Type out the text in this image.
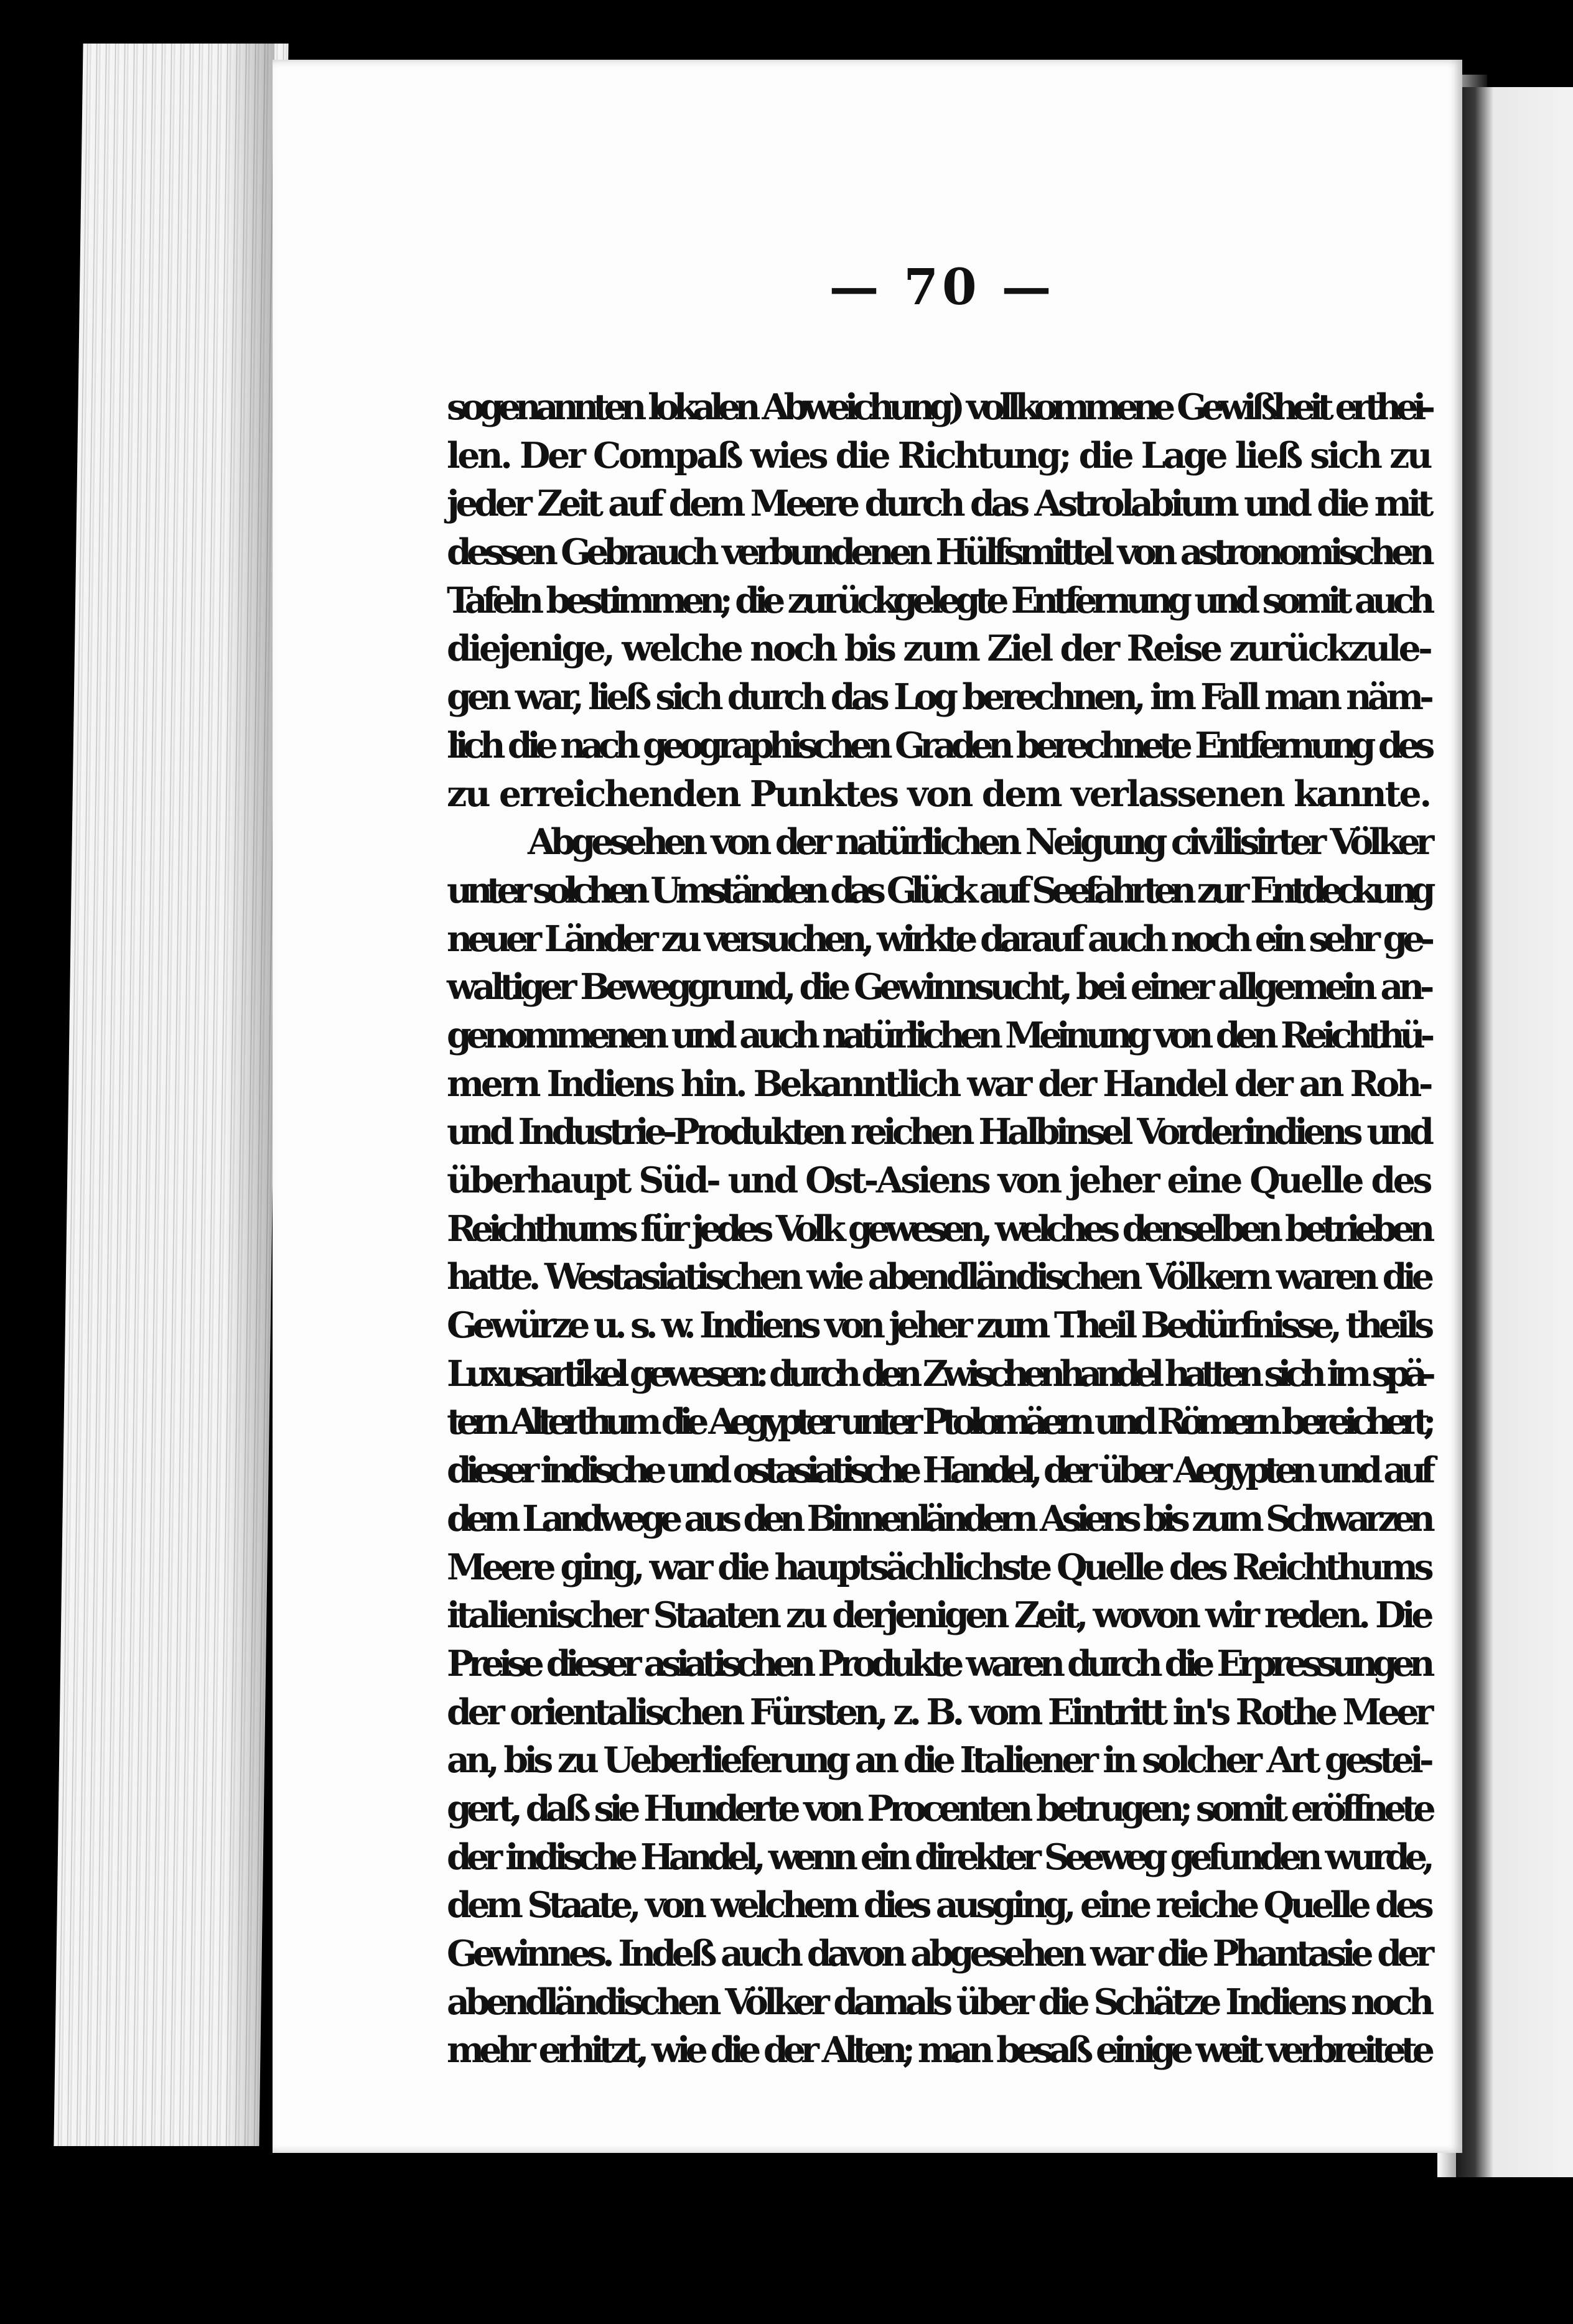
— 70 —
sogenannten lokalen Abweichung) vollkommene Gewißheit erthei-
len. Der Compaß wies die Richtung; die Lage ließ sich zu
jeder Zeit auf dem Meere durch das Astrolabium und die mit
dessen Gebrauch verbundenen Hülfsmittel von astronomischen
Tafeln bestimmen; die zurückgelegte Entfernung und somit auch
diejenige, welche noch bis zum Ziel der Reise zurückzule-
gen war, ließ sich durch das Log berechnen, im Fall man näm-
lich die nach geographischen Graden berechnete Entfernung des
zu erreichenden Punktes von dem verlassenen kannte.
Abgesehen von der natürlichen Neigung civilisirter Völker
unter solchen Umständen das Glück auf Seefahrten zur Entdeckung
neuer Länder zu versuchen, wirkte darauf auch noch ein sehr ge-
waltiger Beweggrund, die Gewinnsucht, bei einer allgemein an-
genommenen und auch natürlichen Meinung von den Reichthü-
mern Indiens hin. Bekanntlich war der Handel der an Roh-
und Industrie-Produkten reichen Halbinsel Vorderindiens und
überhaupt Süd- und Ost-Asiens von jeher eine Quelle des
Reichthums für jedes Volk gewesen, welches denselben betrieben
hatte. Westasiatischen wie abendländischen Völkern waren die
Gewürze u. s. w. Indiens von jeher zum Theil Bedürfnisse, theils
Luxusartikel gewesen: durch den Zwischenhandel hatten sich im spä-
tern Alterthum die Aegypter unter Ptolomäern und Römern bereichert;
dieser indische und ostasiatische Handel, der über Aegypten und auf
dem Landwege aus den Binnenländern Asiens bis zum Schwarzen
Meere ging, war die hauptsächlichste Quelle des Reichthums
italienischer Staaten zu derjenigen Zeit, wovon wir reden. Die
Preise dieser asiatischen Produkte waren durch die Erpressungen
der orientalischen Fürsten, z. B. vom Eintritt in's Rothe Meer
an, bis zu Ueberlieferung an die Italiener in solcher Art gestei-
gert, daß sie Hunderte von Procenten betrugen; somit eröffnete
der indische Handel, wenn ein direkter Seeweg gefunden wurde,
dem Staate, von welchem dies ausging, eine reiche Quelle des
Gewinnes. Indeß auch davon abgesehen war die Phantasie der
abendländischen Völker damals über die Schätze Indiens noch
mehr erhitzt, wie die der Alten; man besaß einige weit verbreitete
